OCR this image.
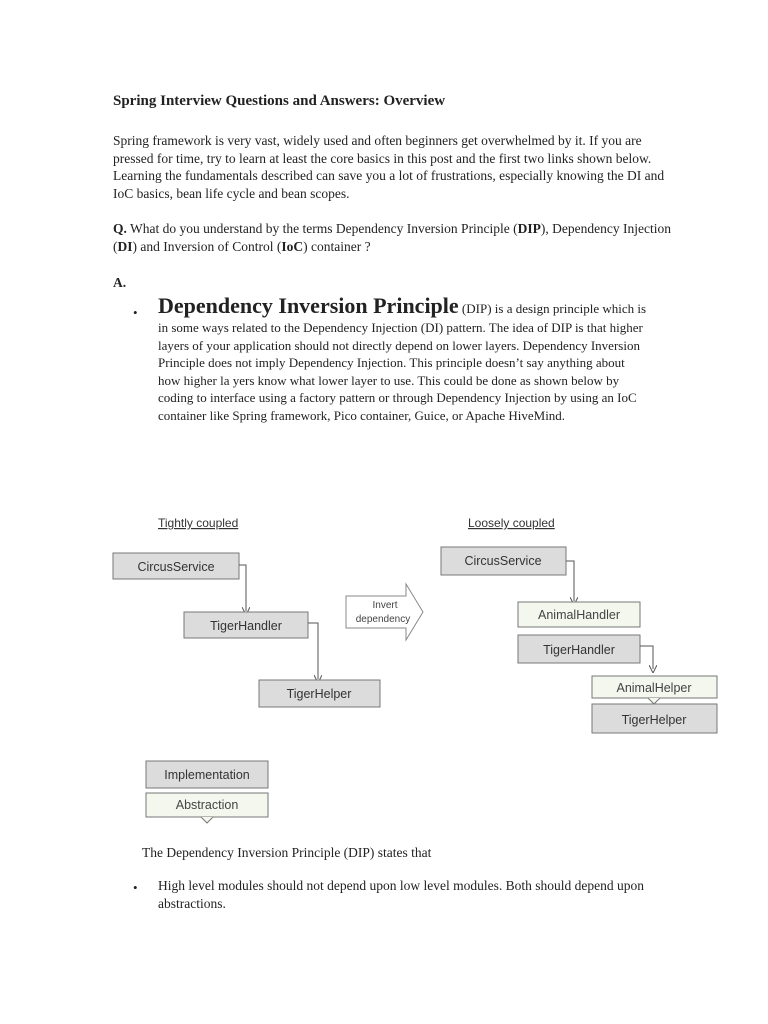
Spring Interview Questions and Answers: Overview
Spring framework is very vast, widely used and often beginners get overwhelmed by it. If you are pressed for time, try to learn at least the core basics in this post and the first two links shown below. Learning the fundamentals described can save you a lot of frustrations, especially knowing the DI and IoC basics, bean life cycle and bean scopes.
Q. What do you understand by the terms Dependency Inversion Principle (DIP), Dependency Injection (DI) and Inversion of Control (IoC) container ?
A.
• Dependency Inversion Principle (DIP) is a design principle which is in some ways related to the Dependency Injection (DI) pattern. The idea of DIP is that higher layers of your application should not directly depend on lower layers. Dependency Inversion Principle does not imply Dependency Injection. This principle doesn’t say anything about how higher la yers know what lower layer to use. This could be done as shown below by coding to interface using a factory pattern or through Dependency Injection by using an IoC container like Spring framework, Pico container, Guice, or Apache HiveMind.
Tightly coupled
CircusService
TigerHandler
TigerHelper
Invert
dependency
Loosely coupled
CircusService
AnimalHandler
TigerHandler
AnimalHelper
TigerHelper
Implementation
Abstraction
The Dependency Inversion Principle (DIP) states that
• High level modules should not depend upon low level modules. Both should depend upon abstractions.
